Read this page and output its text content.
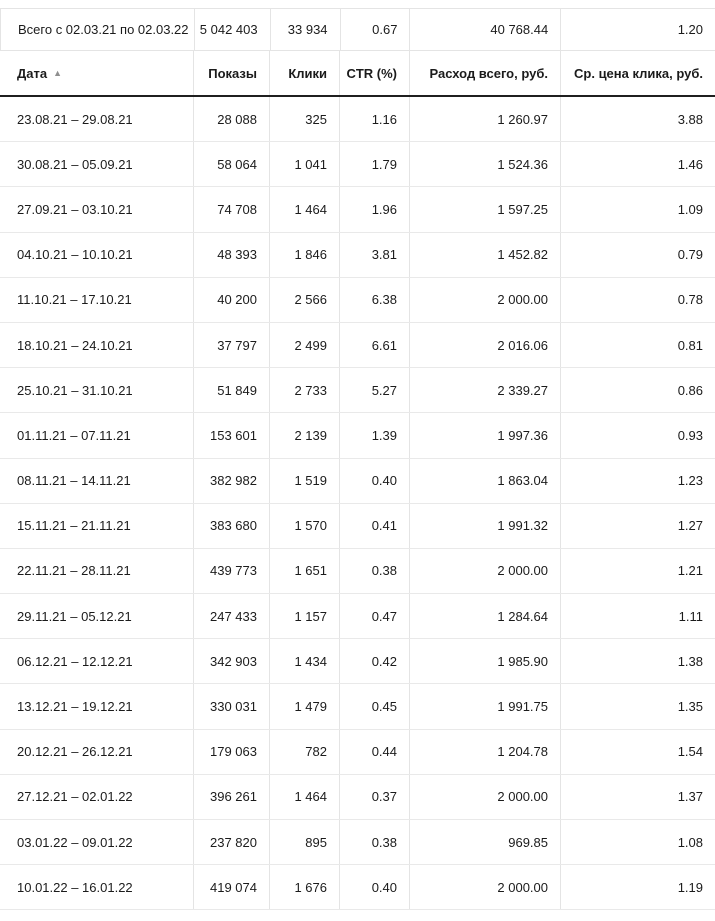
Всего с 02.03.21 по 02.03.22 5 042 403	33 934	0.67	40 768.44	1.20
Дата ▲	Показы	Клики	CTR (%)	Расход всего, руб.	Ср. цена клика, руб.
23.08.21 – 29.08.21	28 088	325	1.16	1 260.97	3.88
30.08.21 – 05.09.21	58 064	1 041	1.79	1 524.36	1.46
27.09.21 – 03.10.21	74 708	1 464	1.96	1 597.25	1.09
04.10.21 – 10.10.21	48 393	1 846	3.81	1 452.82	0.79
11.10.21 – 17.10.21	40 200	2 566	6.38	2 000.00	0.78
18.10.21 – 24.10.21	37 797	2 499	6.61	2 016.06	0.81
25.10.21 – 31.10.21	51 849	2 733	5.27	2 339.27	0.86
01.11.21 – 07.11.21	153 601	2 139	1.39	1 997.36	0.93
08.11.21 – 14.11.21	382 982	1 519	0.40	1 863.04	1.23
15.11.21 – 21.11.21	383 680	1 570	0.41	1 991.32	1.27
22.11.21 – 28.11.21	439 773	1 651	0.38	2 000.00	1.21
29.11.21 – 05.12.21	247 433	1 157	0.47	1 284.64	1.11
06.12.21 – 12.12.21	342 903	1 434	0.42	1 985.90	1.38
13.12.21 – 19.12.21	330 031	1 479	0.45	1 991.75	1.35
20.12.21 – 26.12.21	179 063	782	0.44	1 204.78	1.54
27.12.21 – 02.01.22	396 261	1 464	0.37	2 000.00	1.37
03.01.22 – 09.01.22	237 820	895	0.38	969.85	1.08
10.01.22 – 16.01.22	419 074	1 676	0.40	2 000.00	1.19
